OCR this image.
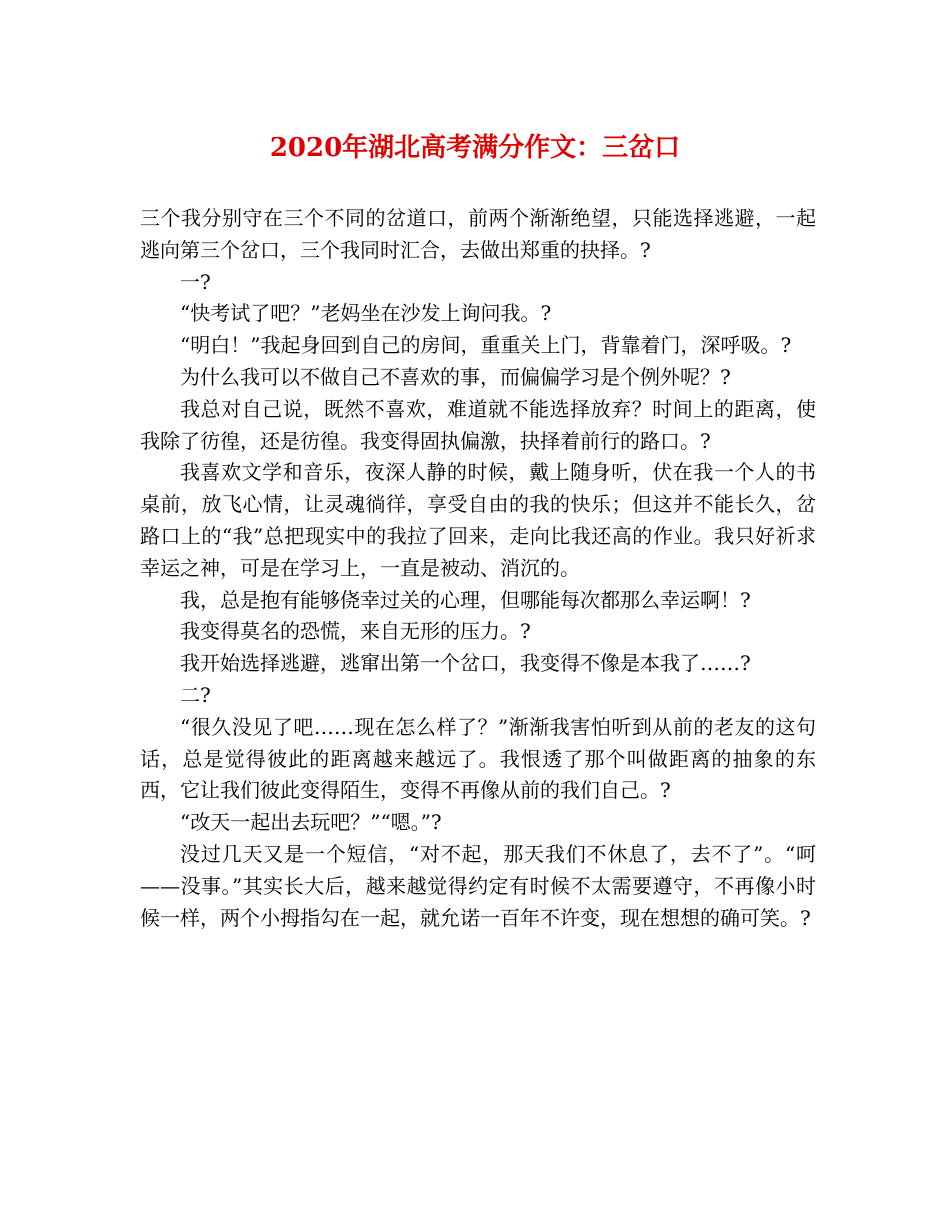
2020年湖北高考满分作文：三岔口

三个我分别守在三个不同的岔道口，前两个渐渐绝望，只能选择逃避，一起逃向第三个岔口，三个我同时汇合，去做出郑重的抉择。?

一?

“快考试了吧？”老妈坐在沙发上询问我。?

“明白！”我起身回到自己的房间，重重关上门，背靠着门，深呼吸。?

为什么我可以不做自己不喜欢的事，而偏偏学习是个例外呢？?

我总对自己说，既然不喜欢，难道就不能选择放弃？时间上的距离，使我除了彷徨，还是彷徨。我变得固执偏激，抉择着前行的路口。?

我喜欢文学和音乐，夜深人静的时候，戴上随身听，伏在我一个人的书桌前，放飞心情，让灵魂徜徉，享受自由的我的快乐；但这并不能长久，岔路口上的“我”总把现实中的我拉了回来，走向比我还高的作业。我只好祈求幸运之神，可是在学习上，一直是被动、消沉的。

我，总是抱有能够侥幸过关的心理，但哪能每次都那么幸运啊！?

我变得莫名的恐慌，来自无形的压力。?

我开始选择逃避，逃窜出第一个岔口，我变得不像是本我了……?

二?

“很久没见了吧……现在怎么样了？”渐渐我害怕听到从前的老友的这句话，总是觉得彼此的距离越来越远了。我恨透了那个叫做距离的抽象的东西，它让我们彼此变得陌生，变得不再像从前的我们自己。?

“改天一起出去玩吧？”“嗯。”?

没过几天又是一个短信，“对不起，那天我们不休息了，去不了”。“呵——没事。”其实长大后，越来越觉得约定有时候不太需要遵守，不再像小时候一样，两个小拇指勾在一起，就允诺一百年不许变，现在想想的确可笑。?
